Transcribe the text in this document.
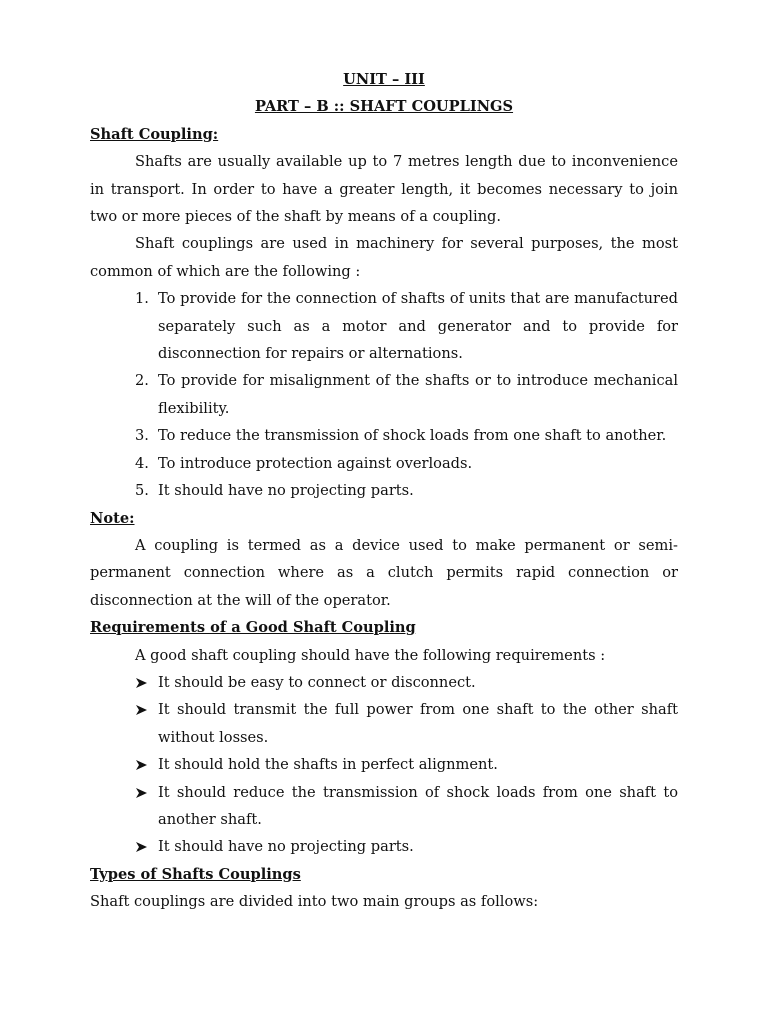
UNIT – III
PART – B :: SHAFT COUPLINGS
Shaft Coupling:
Shafts are usually available up to 7 metres length due to inconvenience in transport. In order to have a greater length, it becomes necessary to join two or more pieces of the shaft by means of a coupling.
Shaft couplings are used in machinery for several purposes, the most common of which are the following :
1. To provide for the connection of shafts of units that are manufactured separately such as a motor and generator and to provide for disconnection for repairs or alternations.
2. To provide for misalignment of the shafts or to introduce mechanical flexibility.
3. To reduce the transmission of shock loads from one shaft to another.
4. To introduce protection against overloads.
5. It should have no projecting parts.
Note:
A coupling is termed as a device used to make permanent or semi-permanent connection where as a clutch permits rapid connection or disconnection at the will of the operator.
Requirements of a Good Shaft Coupling
A good shaft coupling should have the following requirements :
It should be easy to connect or disconnect.
It should transmit the full power from one shaft to the other shaft without losses.
It should hold the shafts in perfect alignment.
It should reduce the transmission of shock loads from one shaft to another shaft.
It should have no projecting parts.
Types of Shafts Couplings
Shaft couplings are divided into two main groups as follows:
